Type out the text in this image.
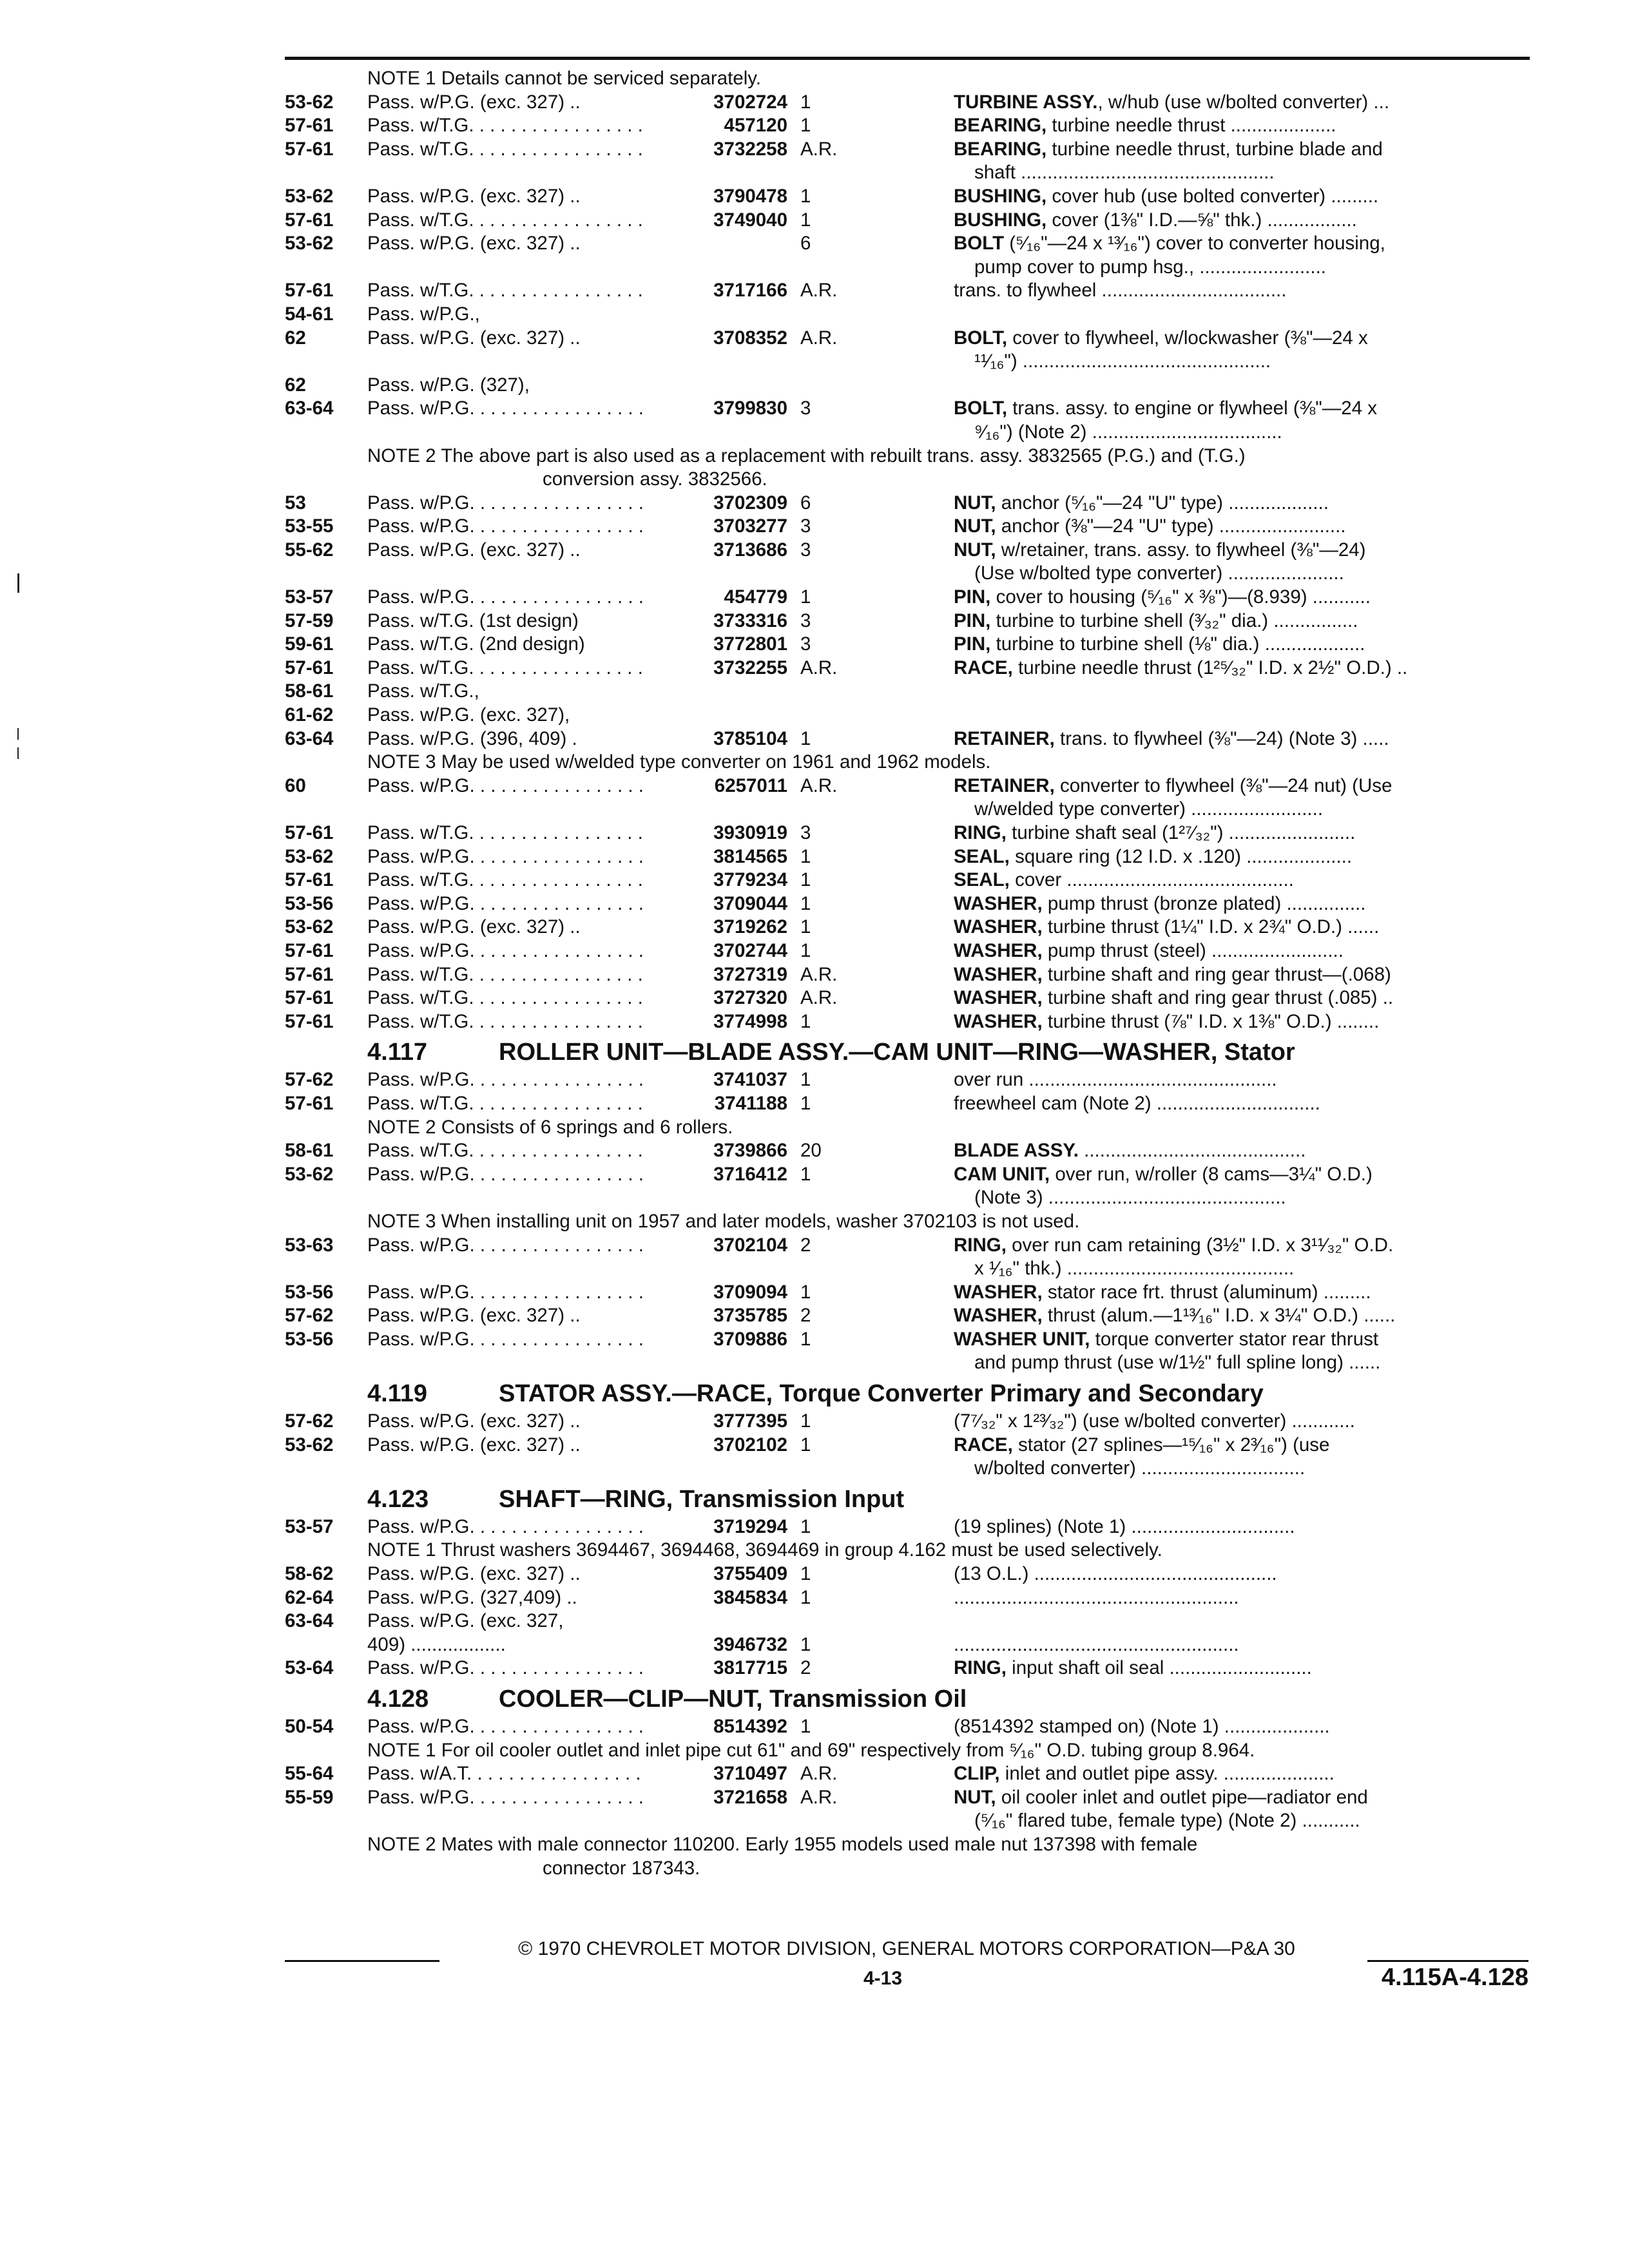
NOTE 1 Details cannot be serviced separately.
53-62 Pass. w/P.G. (exc. 327) ..	3702724 1	TURBINE ASSY., w/hub (use w/bolted converter) ...
57-61 Pass. w/T.G. . . .	457120 1	BEARING, turbine needle thrust ....................
57-61 Pass. w/T.G. . . .	3732258 A.R.	BEARING, turbine needle thrust, turbine blade and
shaft ................................................
53-62 Pass. w/P.G. (exc. 327) ..	3790478 1	BUSHING, cover hub (use bolted converter) .........
57-61 Pass. w/T.G. . . .	3749040 1	BUSHING, cover (1⅜" I.D.—⅝" thk.) .................
53-62 Pass. w/P.G. (exc. 327) ..	6	BOLT (⁵⁄₁₆"—24 x ¹³⁄₁₆") cover to converter housing,
pump cover to pump hsg., ........................
57-61 Pass. w/T.G. . . .	3717166 A.R.	trans. to flywheel ...................................
54-61 Pass. w/P.G.,
62	Pass. w/P.G. (exc. 327) ..	3708352 A.R.	BOLT, cover to flywheel, w/lockwasher (⅜"—24 x
¹¹⁄₁₆") ...............................................
62	Pass. w/P.G. (327),
63-64 Pass. w/P.G. . . .	3799830 3	BOLT, trans. assy. to engine or flywheel (⅜"—24 x
⁹⁄₁₆") (Note 2) ....................................
NOTE 2 The above part is also used as a replacement with rebuilt trans. assy. 3832565 (P.G.) and (T.G.)
conversion assy. 3832566.
53	Pass. w/P.G. . . .	3702309 6	NUT, anchor (⁵⁄₁₆"—24 "U" type) ...................
53-55 Pass. w/P.G. . . .	3703277 3	NUT, anchor (⅜"—24 "U" type) ........................
55-62 Pass. w/P.G. (exc. 327) ..	3713686 3	NUT, w/retainer, trans. assy. to flywheel (⅜"—24)
(Use w/bolted type converter) ......................
53-57 Pass. w/P.G. . . .	454779 1	PIN, cover to housing (⁵⁄₁₆" x ⅜")—(8.939) ...........
57-59 Pass. w/T.G. (1st design)	3733316 3	PIN, turbine to turbine shell (³⁄₃₂" dia.) ................
59-61 Pass. w/T.G. (2nd design)	3772801 3	PIN, turbine to turbine shell (⅛" dia.) ...................
57-61 Pass. w/T.G. . . .	3732255 A.R.	RACE, turbine needle thrust (1²⁵⁄₃₂" I.D. x 2½" O.D.) ..
58-61 Pass. w/T.G.,
61-62 Pass. w/P.G. (exc. 327),
63-64 Pass. w/P.G. (396, 409) .	3785104 1	RETAINER, trans. to flywheel (⅜"—24) (Note 3) .....
NOTE 3 May be used w/welded type converter on 1961 and 1962 models.
60	Pass. w/P.G. . . .	6257011 A.R.	RETAINER, converter to flywheel (⅜"—24 nut) (Use
w/welded type converter) .........................
57-61 Pass. w/T.G. . . .	3930919 3	RING, turbine shaft seal (1²⁷⁄₃₂") ........................
53-62 Pass. w/P.G. . . .	3814565 1	SEAL, square ring (12 I.D. x .120) ....................
57-61 Pass. w/T.G. . . .	3779234 1	SEAL, cover ...........................................
53-56 Pass. w/P.G. . . .	3709044 1	WASHER, pump thrust (bronze plated) ...............
53-62 Pass. w/P.G. (exc. 327) ..	3719262 1	WASHER, turbine thrust (1¼" I.D. x 2¾" O.D.) ......
57-61 Pass. w/P.G. . . .	3702744 1	WASHER, pump thrust (steel) .........................
57-61 Pass. w/T.G. . . .	3727319 A.R.	WASHER, turbine shaft and ring gear thrust—(.068)
57-61 Pass. w/T.G. . . .	3727320 A.R.	WASHER, turbine shaft and ring gear thrust (.085) ..
57-61 Pass. w/T.G. . . .	3774998 1	WASHER, turbine thrust (⅞" I.D. x 1⅜" O.D.) ........
4.117	ROLLER UNIT—BLADE ASSY.—CAM UNIT—RING—WASHER, Stator
57-62 Pass. w/P.G. . . .	3741037 1	over run ...............................................
57-61 Pass. w/T.G. . . .	3741188 1	freewheel cam (Note 2) ...............................
NOTE 2 Consists of 6 springs and 6 rollers.
58-61 Pass. w/T.G. . . .	3739866 20	BLADE ASSY. ..........................................
53-62 Pass. w/P.G. . . .	3716412 1	CAM UNIT, over run, w/roller (8 cams—3¼" O.D.)
(Note 3) .............................................
NOTE 3 When installing unit on 1957 and later models, washer 3702103 is not used.
53-63 Pass. w/P.G. . . .	3702104 2	RING, over run cam retaining (3½" I.D. x 3¹¹⁄₃₂" O.D.
x ¹⁄₁₆" thk.) ...........................................
53-56 Pass. w/P.G. . . .	3709094 1	WASHER, stator race frt. thrust (aluminum) .........
57-62 Pass. w/P.G. (exc. 327) ..	3735785 2	WASHER, thrust (alum.—1¹³⁄₁₆" I.D. x 3¼" O.D.) ......
53-56 Pass. w/P.G. . . .	3709886 1	WASHER UNIT, torque converter stator rear thrust
and pump thrust (use w/1½" full spline long) ......
4.119	STATOR ASSY.—RACE, Torque Converter Primary and Secondary
57-62 Pass. w/P.G. (exc. 327) ..	3777395 1	(7⁷⁄₃₂" x 1²³⁄₃₂") (use w/bolted converter) ............
53-62 Pass. w/P.G. (exc. 327) ..	3702102 1	RACE, stator (27 splines—¹⁵⁄₁₆" x 2³⁄₁₆") (use
w/bolted converter) ...............................
4.123	SHAFT—RING, Transmission Input
53-57 Pass. w/P.G. . . .	3719294 1	(19 splines) (Note 1) ...............................
NOTE 1 Thrust washers 3694467, 3694468, 3694469 in group 4.162 must be used selectively.
58-62 Pass. w/P.G. (exc. 327) ..	3755409 1	(13 O.L.) ..............................................
62-64 Pass. w/P.G. (327,409) ..	3845834 1	......................................................
63-64 Pass. w/P.G. (exc. 327,
409) ..................	3946732 1	......................................................
53-64 Pass. w/P.G. . . .	3817715 2	RING, input shaft oil seal ...........................
4.128	COOLER—CLIP—NUT, Transmission Oil
50-54 Pass. w/P.G. . . .	8514392 1	(8514392 stamped on) (Note 1) ....................
NOTE 1 For oil cooler outlet and inlet pipe cut 61" and 69" respectively from ⁵⁄₁₆" O.D. tubing group 8.964.
55-64 Pass. w/A.T. . . .	3710497 A.R.	CLIP, inlet and outlet pipe assy. .....................
55-59 Pass. w/P.G. . . .	3721658 A.R.	NUT, oil cooler inlet and outlet pipe—radiator end
(⁵⁄₁₆" flared tube, female type) (Note 2) ...........
NOTE 2 Mates with male connector 110200. Early 1955 models used male nut 137398 with female
connector 187343.
© 1970 CHEVROLET MOTOR DIVISION, GENERAL MOTORS CORPORATION—P&A 30
4-13	4.115A-4.128
